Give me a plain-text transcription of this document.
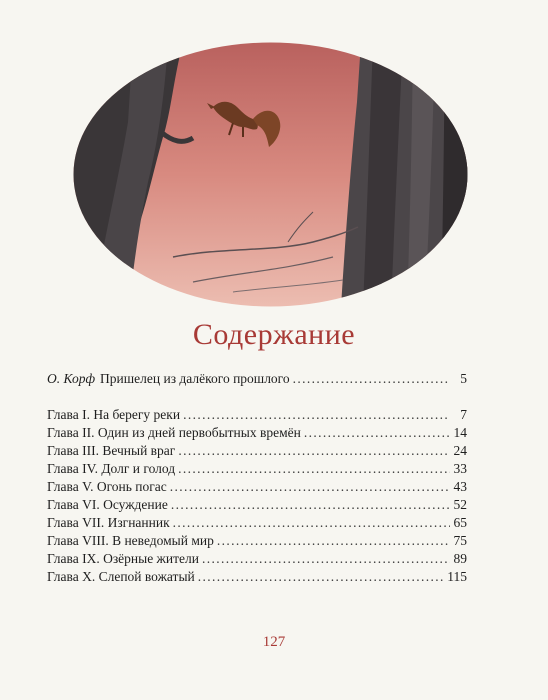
Содержание
О. Корф Пришелец из далёкого прошлого . . .	5
Глава I. На берегу реки . . .	7
Глава II. Один из дней первобытных времён . . .	14
Глава III. Вечный враг . . .	24
Глава IV. Долг и голод . . .	33
Глава V. Огонь погас . . .	43
Глава VI. Осуждение . . .	52
Глава VII. Изгнанник . . .	65
Глава VIII. В неведомый мир . . .	75
Глава IX. Озёрные жители . . .	89
Глава X. Слепой вожатый . . .	115
127
